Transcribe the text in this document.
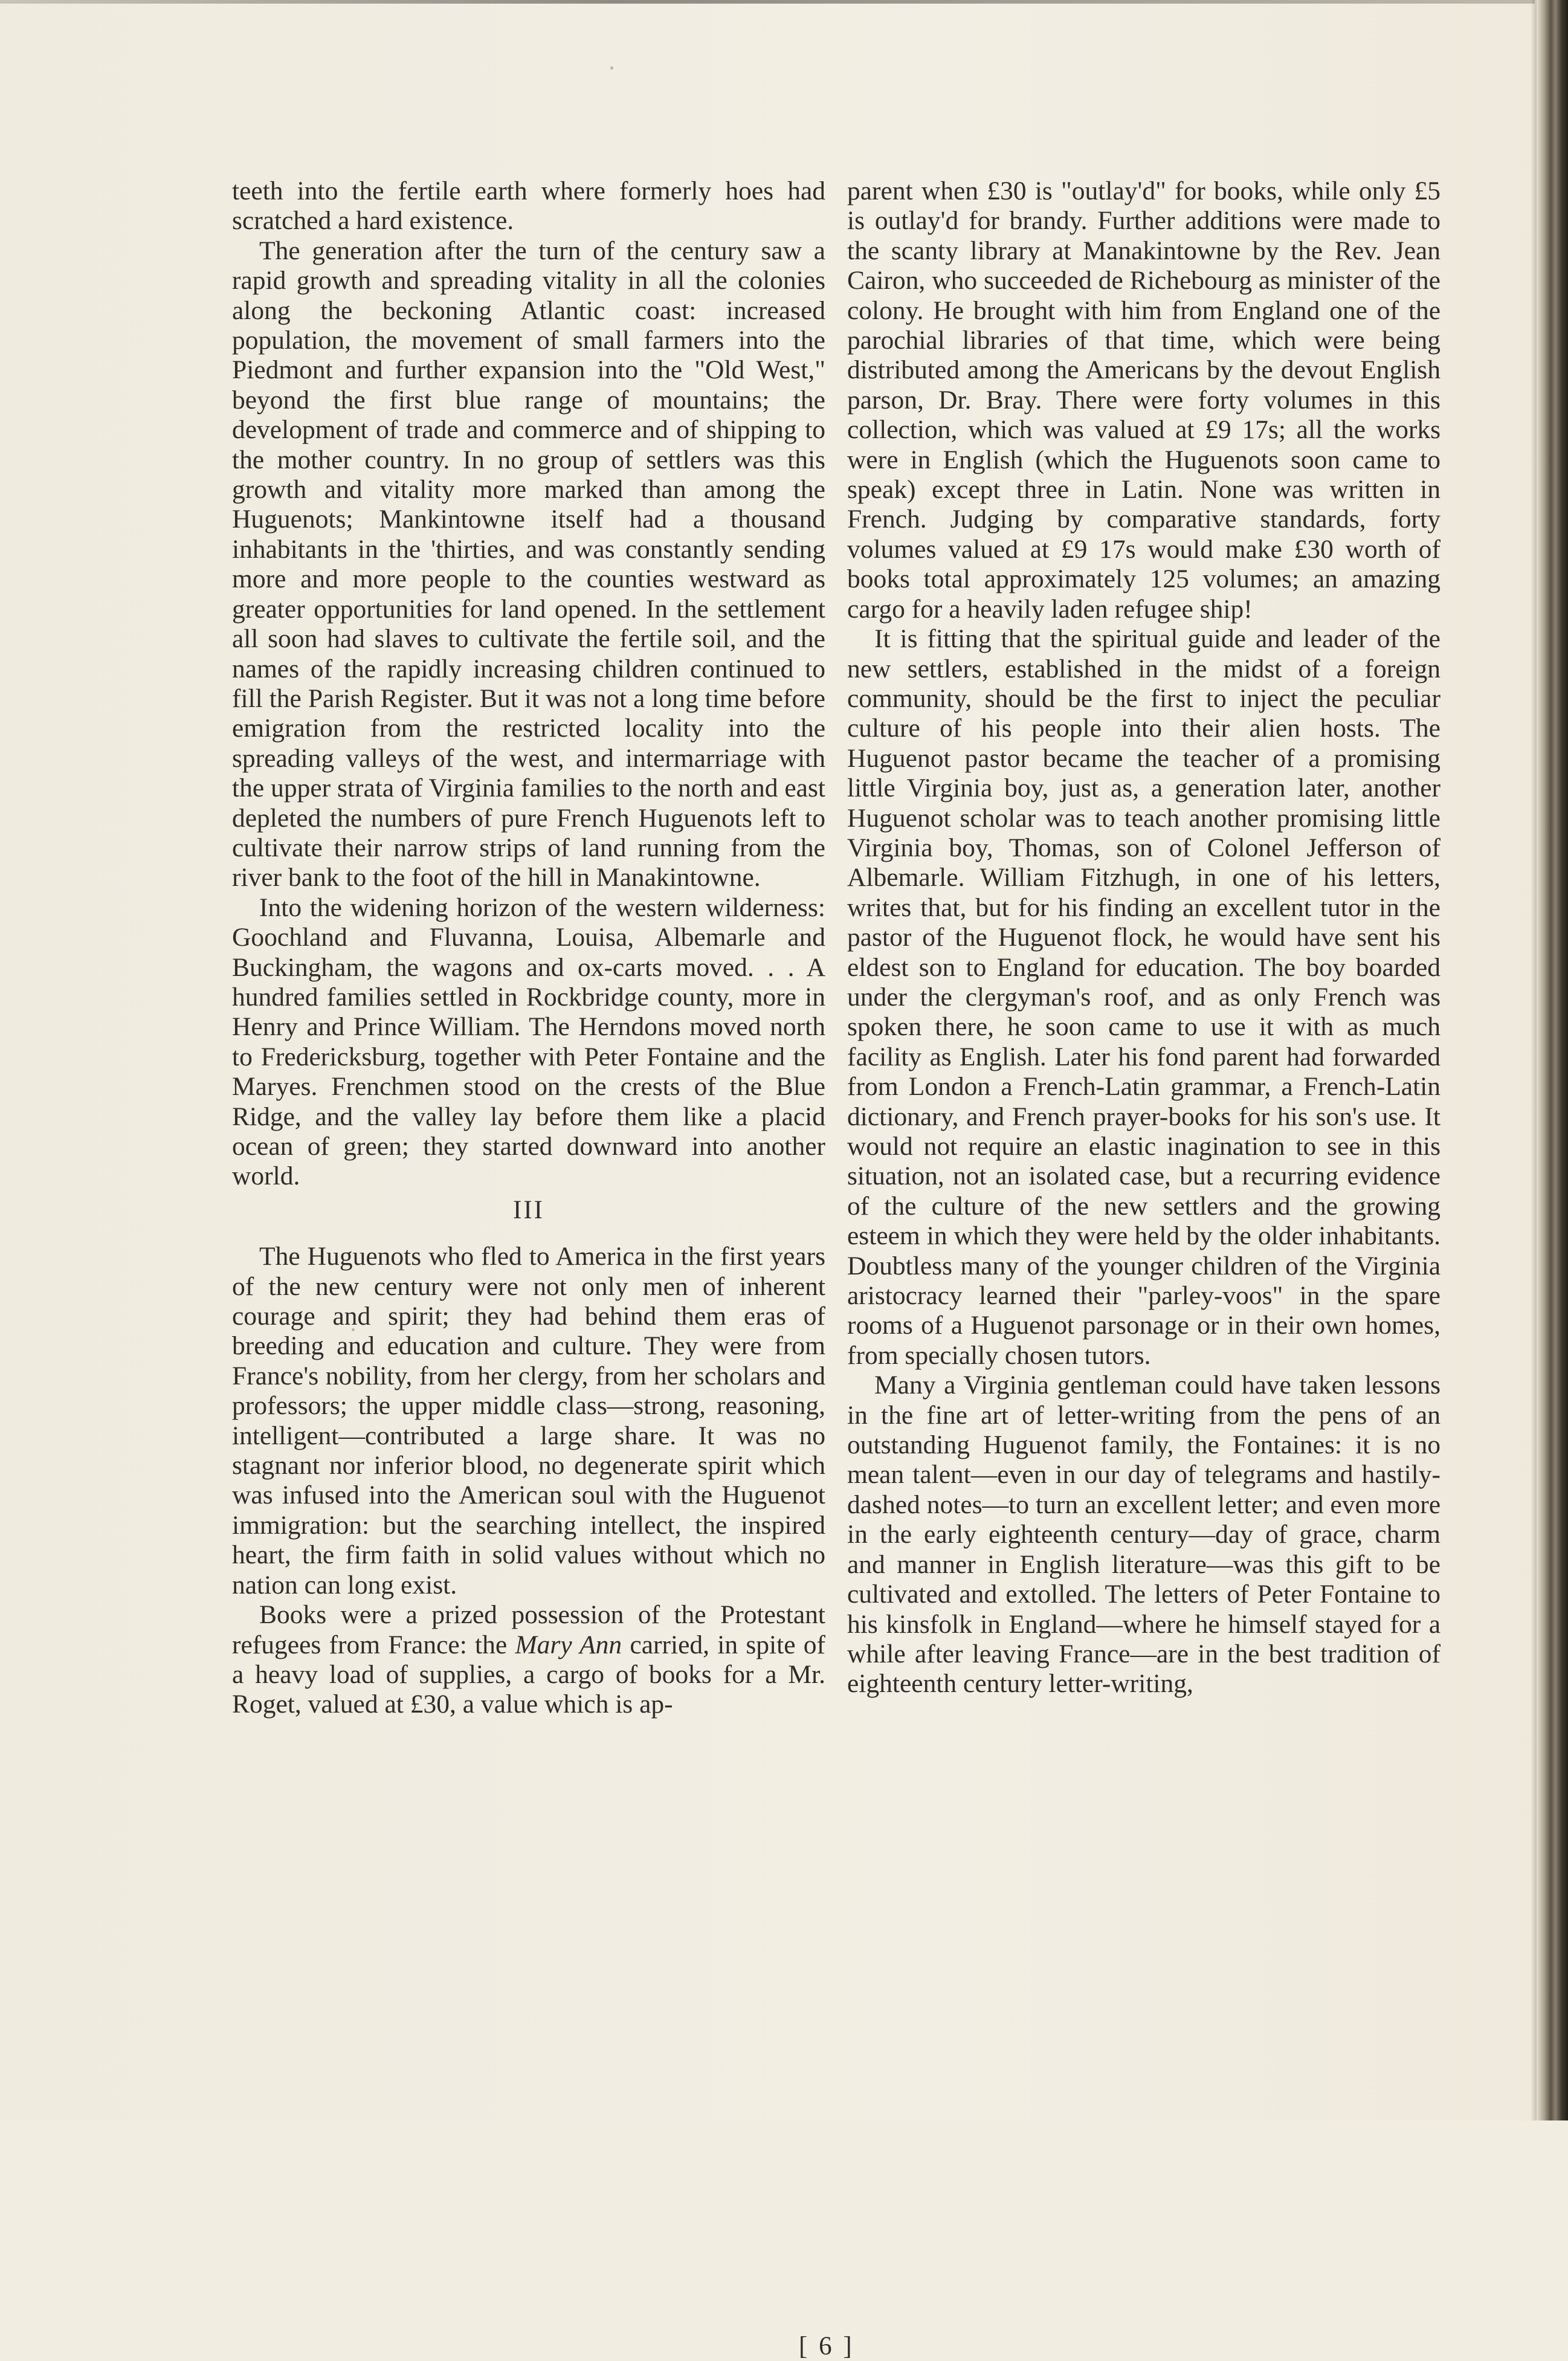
teeth into the fertile earth where formerly hoes had scratched a hard existence.

The generation after the turn of the century saw a rapid growth and spreading vitality in all the colonies along the beckoning Atlantic coast: increased population, the movement of small farmers into the Piedmont and further expansion into the "Old West," beyond the first blue range of mountains; the development of trade and commerce and of shipping to the mother country. In no group of settlers was this growth and vitality more marked than among the Huguenots; Mankintowne itself had a thousand inhabitants in the 'thirties, and was constantly sending more and more people to the counties westward as greater opportunities for land opened. In the settlement all soon had slaves to cultivate the fertile soil, and the names of the rapidly increasing children continued to fill the Parish Register. But it was not a long time before emigration from the restricted locality into the spreading valleys of the west, and intermarriage with the upper strata of Virginia families to the north and east depleted the numbers of pure French Huguenots left to cultivate their narrow strips of land running from the river bank to the foot of the hill in Manakintowne.

Into the widening horizon of the western wilderness: Goochland and Fluvanna, Louisa, Albemarle and Buckingham, the wagons and ox-carts moved. . . A hundred families settled in Rockbridge county, more in Henry and Prince William. The Herndons moved north to Fredericksburg, together with Peter Fontaine and the Maryes. Frenchmen stood on the crests of the Blue Ridge, and the valley lay before them like a placid ocean of green; they started downward into another world.

III

The Huguenots who fled to America in the first years of the new century were not only men of inherent courage and spirit; they had behind them eras of breeding and education and culture. They were from France's nobility, from her clergy, from her scholars and professors; the upper middle class—strong, reasoning, intelligent—contributed a large share. It was no stagnant nor inferior blood, no degenerate spirit which was infused into the American soul with the Huguenot immigration: but the searching intellect, the inspired heart, the firm faith in solid values without which no nation can long exist.

Books were a prized possession of the Protestant refugees from France: the Mary Ann carried, in spite of a heavy load of supplies, a cargo of books for a Mr. Roget, valued at £30, a value which is ap-

parent when £30 is "outlay'd" for books, while only £5 is outlay'd for brandy. Further additions were made to the scanty library at Manakintowne by the Rev. Jean Cairon, who succeeded de Richebourg as minister of the colony. He brought with him from England one of the parochial libraries of that time, which were being distributed among the Americans by the devout English parson, Dr. Bray. There were forty volumes in this collection, which was valued at £9 17s; all the works were in English (which the Huguenots soon came to speak) except three in Latin. None was written in French. Judging by comparative standards, forty volumes valued at £9 17s would make £30 worth of books total approximately 125 volumes; an amazing cargo for a heavily laden refugee ship!

It is fitting that the spiritual guide and leader of the new settlers, established in the midst of a foreign community, should be the first to inject the peculiar culture of his people into their alien hosts. The Huguenot pastor became the teacher of a promising little Virginia boy, just as, a generation later, another Huguenot scholar was to teach another promising little Virginia boy, Thomas, son of Colonel Jefferson of Albemarle. William Fitzhugh, in one of his letters, writes that, but for his finding an excellent tutor in the pastor of the Huguenot flock, he would have sent his eldest son to England for education. The boy boarded under the clergyman's roof, and as only French was spoken there, he soon came to use it with as much facility as English. Later his fond parent had forwarded from London a French-Latin grammar, a French-Latin dictionary, and French prayer-books for his son's use. It would not require an elastic inagination to see in this situation, not an isolated case, but a recurring evidence of the culture of the new settlers and the growing esteem in which they were held by the older inhabitants. Doubtless many of the younger children of the Virginia aristocracy learned their "parley-voos" in the spare rooms of a Huguenot parsonage or in their own homes, from specially chosen tutors.

Many a Virginia gentleman could have taken lessons in the fine art of letter-writing from the pens of an outstanding Huguenot family, the Fontaines: it is no mean talent—even in our day of telegrams and hastily-dashed notes—to turn an excellent letter; and even more in the early eighteenth century—day of grace, charm and manner in English literature—was this gift to be cultivated and extolled. The letters of Peter Fontaine to his kinsfolk in England—where he himself stayed for a while after leaving France—are in the best tradition of eighteenth century letter-writing,

[ 6 ]
